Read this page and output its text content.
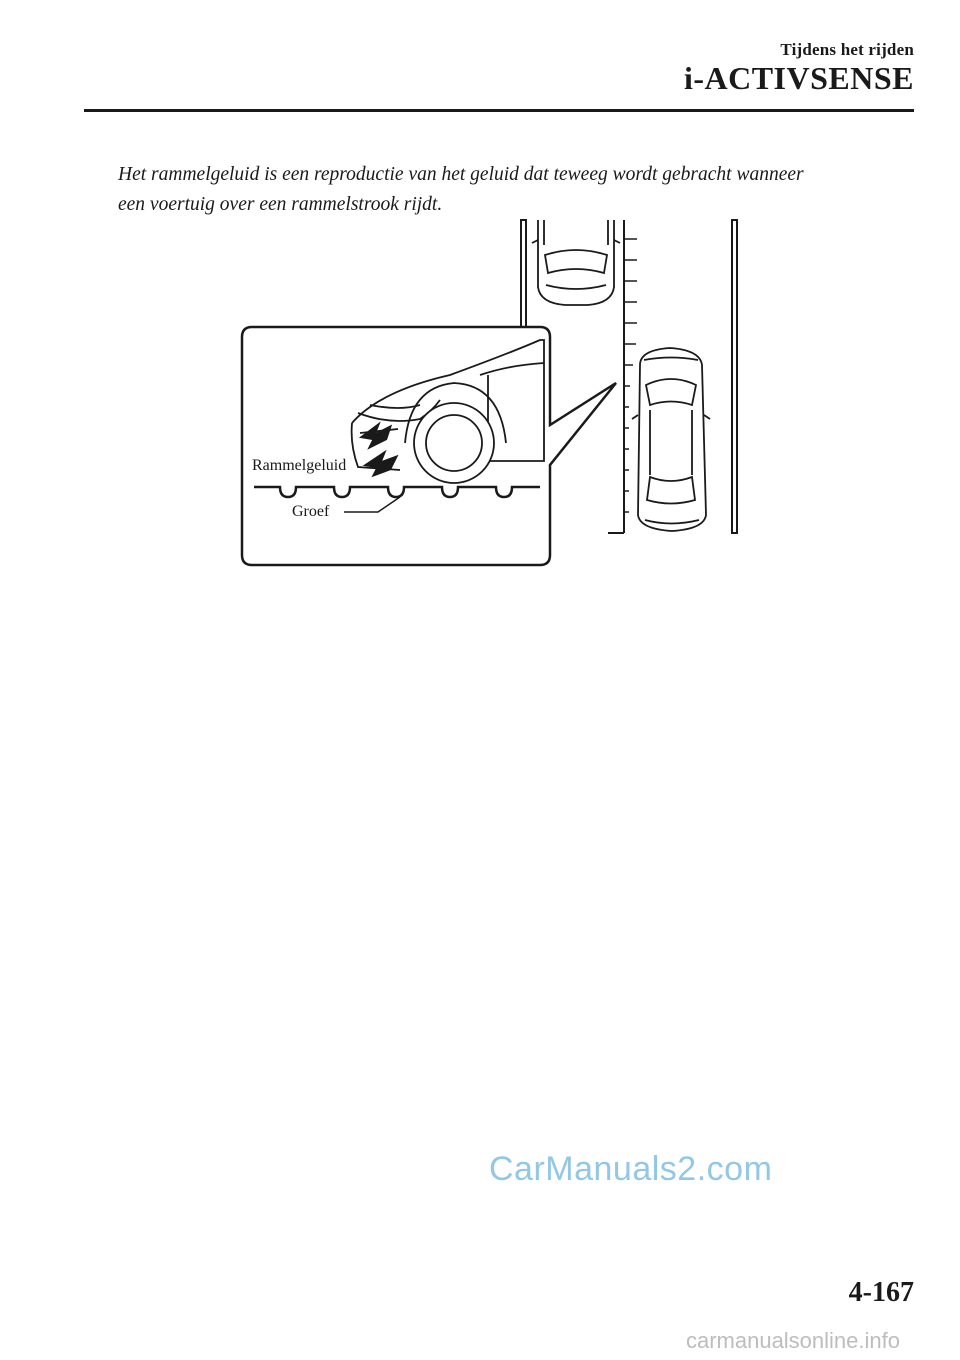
Tijdens het rijden
i-ACTIVSENSE

Het rammelgeluid is een reproductie van het geluid dat teweeg wordt gebracht wanneer

een voertuig over een rammelstrook rijdt.

Rammelgeluid
Groef
CarManuals2.com
4-167
carmanualsonline.info
